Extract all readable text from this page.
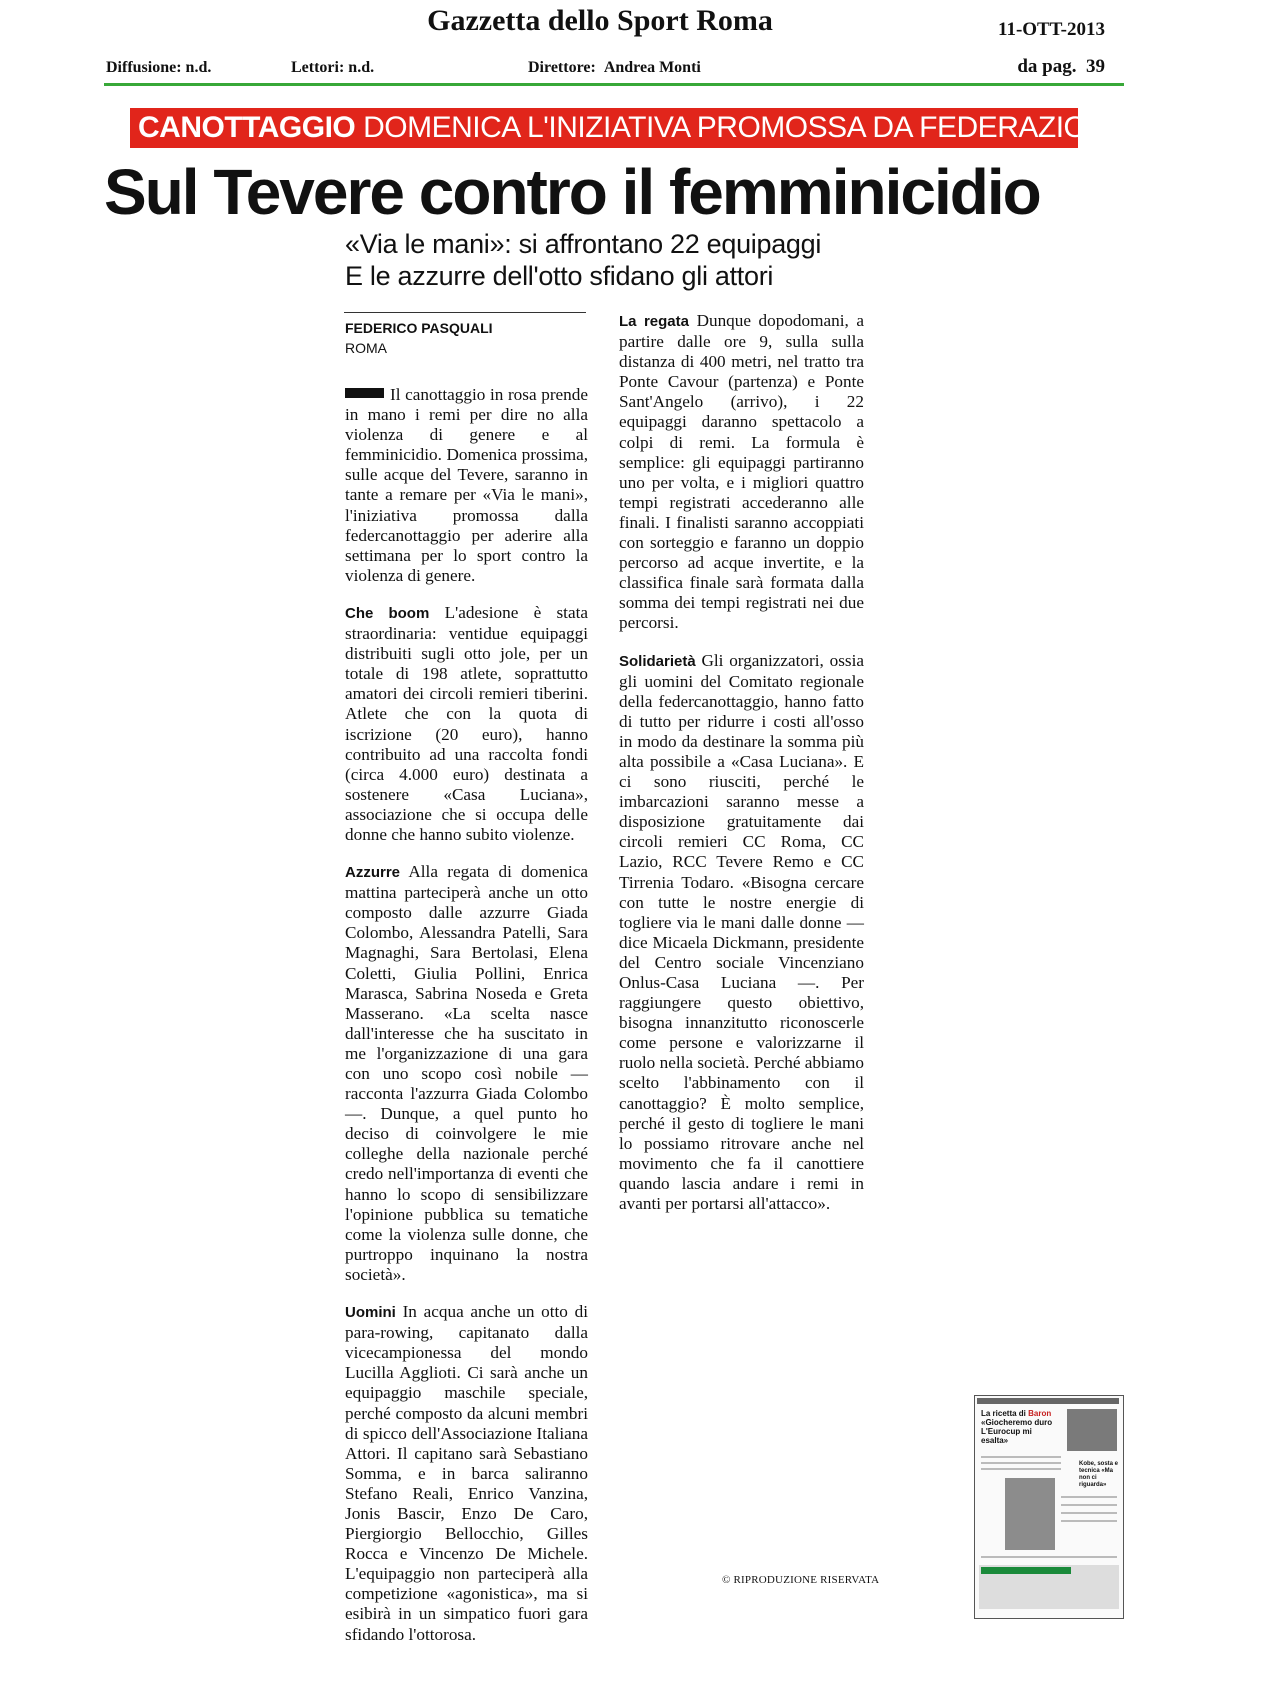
Gazzetta dello Sport Roma	11-OTT-2013
Diffusione: n.d.	Lettori: n.d.	Direttore: Andrea Monti	da pag. 39
CANOTTAGGIO DOMENICA L'INIZIATIVA PROMOSSA DA FEDERAZIONE E CIRCOLI
Sul Tevere contro il femminicidio
«Via le mani»: si affrontano 22 equipaggi
E le azzurre dell'otto sfidano gli attori
FEDERICO PASQUALI
ROMA

Il canottaggio in rosa prende in mano i remi per dire no alla violenza di genere e al femminicidio. Domenica prossima, sulle acque del Tevere, saranno in tante a remare per «Via le mani», l'iniziativa promossa dalla federcanottaggio per aderire alla settimana per lo sport contro la violenza di genere.

Che boom L'adesione è stata straordinaria: ventidue equipaggi distribuiti sugli otto jole, per un totale di 198 atlete, soprattutto amatori dei circoli remieri tiberini. Atlete che con la quota di iscrizione (20 euro), hanno contribuito ad una raccolta fondi (circa 4.000 euro) destinata a sostenere «Casa Luciana», associazione che si occupa delle donne che hanno subito violenze.

Azzurre Alla regata di domenica mattina parteciperà anche un otto composto dalle azzurre Giada Colombo, Alessandra Patelli, Sara Magnaghi, Sara Bertolasi, Elena Coletti, Giulia Pollini, Enrica Marasca, Sabrina Noseda e Greta Masserano. «La scelta nasce dall'interesse che ha suscitato in me l'organizzazione di una gara con uno scopo così nobile — racconta l'azzurra Giada Colombo —. Dunque, a quel punto ho deciso di coinvolgere le mie colleghe della nazionale perché credo nell'importanza di eventi che hanno lo scopo di sensibilizzare l'opinione pubblica su tematiche come la violenza sulle donne, che purtroppo inquinano la nostra società».

Uomini In acqua anche un otto di para-rowing, capitanato dalla vicecampionessa del mondo Lucilla Agglioti. Ci sarà anche un equipaggio maschile speciale, perché composto da alcuni membri di spicco dell'Associazione Italiana Attori. Il capitano sarà Sebastiano Somma, e in barca saliranno Stefano Reali, Enrico Vanzina, Jonis Bascir, Enzo De Caro, Piergiorgio Bellocchio, Gilles Rocca e Vincenzo De Michele. L'equipaggio non parteciperà alla competizione «agonistica», ma si esibirà in un simpatico fuori gara sfidando l'ottorosa.

La regata Dunque dopodomani, a partire dalle ore 9, sulla sulla distanza di 400 metri, nel tratto tra Ponte Cavour (partenza) e Ponte Sant'Angelo (arrivo), i 22 equipaggi daranno spettacolo a colpi di remi. La formula è semplice: gli equipaggi partiranno uno per volta, e i migliori quattro tempi registrati accederanno alle finali. I finalisti saranno accoppiati con sorteggio e faranno un doppio percorso ad acque invertite, e la classifica finale sarà formata dalla somma dei tempi registrati nei due percorsi.

Solidarietà Gli organizzatori, ossia gli uomini del Comitato regionale della federcanottaggio, hanno fatto di tutto per ridurre i costi all'osso in modo da destinare la somma più alta possibile a «Casa Luciana». E ci sono riusciti, perché le imbarcazioni saranno messe a disposizione gratuitamente dai circoli remieri CC Roma, CC Lazio, RCC Tevere Remo e CC Tirrenia Todaro. «Bisogna cercare con tutte le nostre energie di togliere via le mani dalle donne — dice Micaela Dickmann, presidente del Centro sociale Vincenziano Onlus-Casa Luciana —. Per raggiungere questo obiettivo, bisogna innanzitutto riconoscerle come persone e valorizzarne il ruolo nella società. Perché abbiamo scelto l'abbinamento con il canottaggio? È molto semplice, perché il gesto di togliere le mani lo possiamo ritrovare anche nel movimento che fa il canottiere quando lascia andare i remi in avanti per portarsi all'attacco».

© RIPRODUZIONE RISERVATA
La ricetta di Baron
«Giocheremo duro L'Eurocup mi esalta»
Kobe, sosta e tecnica «Ma non ci riguarda»
